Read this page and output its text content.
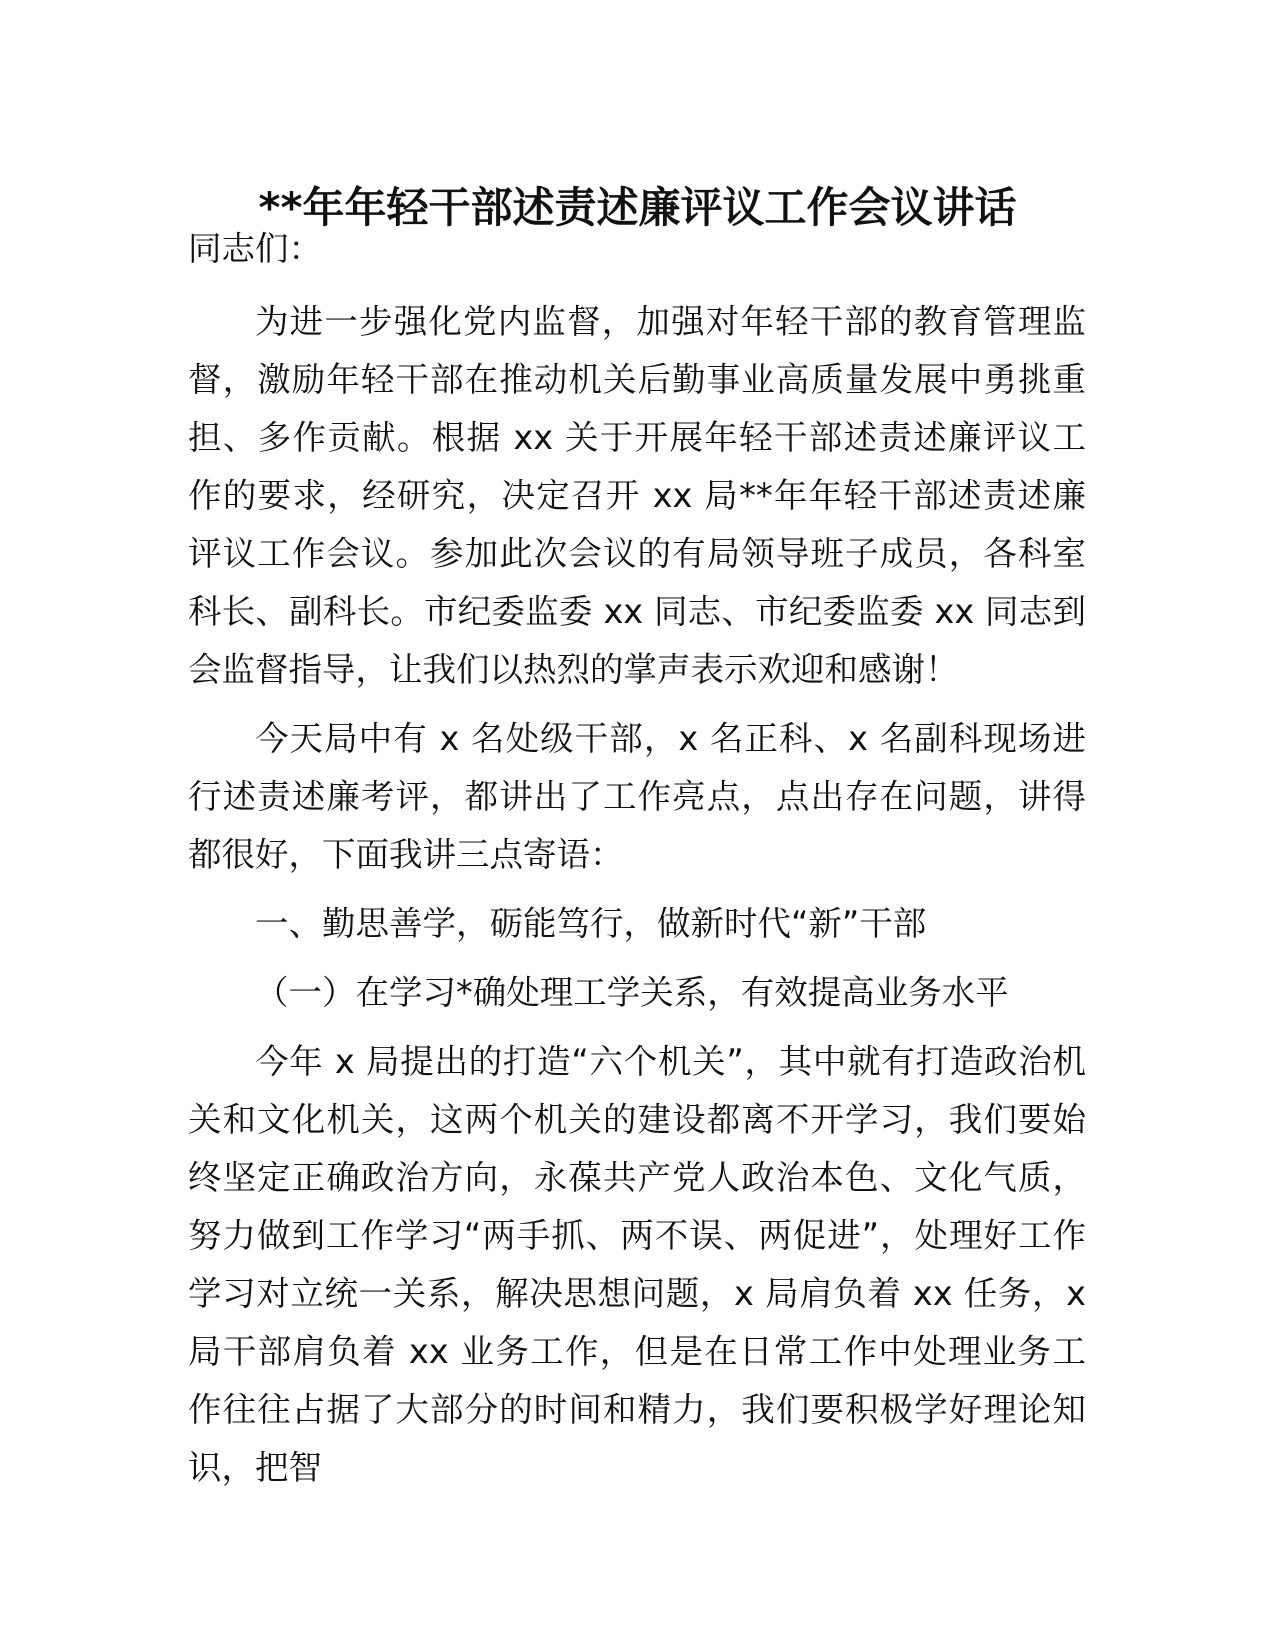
**年年轻干部述责述廉评议工作会议讲话

同志们：

为进一步强化党内监督，加强对年轻干部的教育管理监督，激励年轻干部在推动机关后勤事业高质量发展中勇挑重担、多作贡献。根据 xx 关于开展年轻干部述责述廉评议工作的要求，经研究，决定召开 xx 局**年年轻干部述责述廉评议工作会议。参加此次会议的有局领导班子成员，各科室科长、副科长。市纪委监委 xx 同志、市纪委监委 xx 同志到会监督指导，让我们以热烈的掌声表示欢迎和感谢！

今天局中有 x 名处级干部，x 名正科、x 名副科现场进行述责述廉考评，都讲出了工作亮点，点出存在问题，讲得都很好，下面我讲三点寄语：

一、勤思善学，砺能笃行，做新时代“新”干部

（一）在学习*确处理工学关系，有效提高业务水平

今年 x 局提出的打造“六个机关”，其中就有打造政治机关和文化机关，这两个机关的建设都离不开学习，我们要始终坚定正确政治方向，永葆共产党人政治本色、文化气质，努力做到工作学习“两手抓、两不误、两促进”，处理好工作学习对立统一关系，解决思想问题，x 局肩负着 xx 任务，x 局干部肩负着 xx 业务工作，但是在日常工作中处理业务工作往往占据了大部分的时间和精力，我们要积极学好理论知识，把智
